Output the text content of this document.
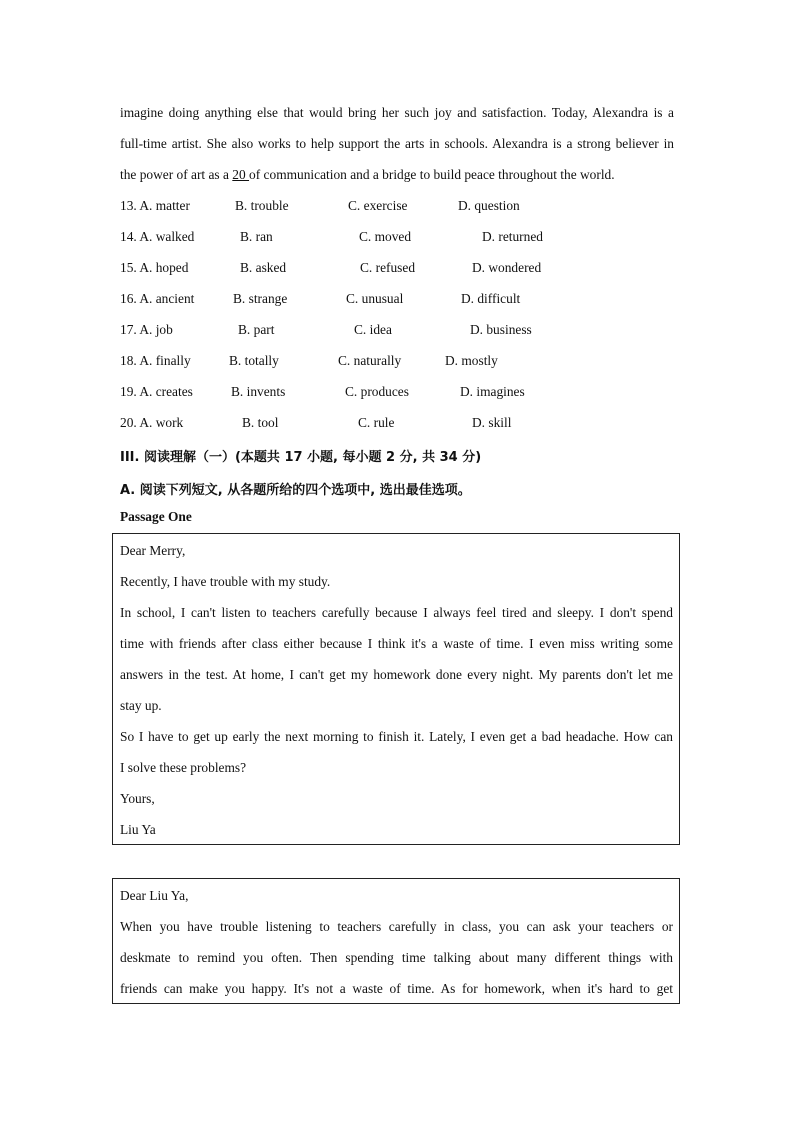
imagine doing anything else that would bring her such joy and satisfaction. Today, Alexandra is a
full-time artist. She also works to help support the arts in schools. Alexandra is a strong believer in
the power of art as a 20 of communication and a bridge to build peace throughout the world.
13. A. matter	B. trouble	C. exercise	D. question
14. A. walked	B. ran	C. moved	D. returned
15. A. hoped	B. asked	C. refused	D. wondered
16. A. ancient	B. strange	C. unusual	D. difficult
17. A. job	B. part	C. idea	D. business
18. A. finally	B. totally	C. naturally	D. mostly
19. A. creates	B. invents	C. produces	D. imagines
20. A. work	B. tool	C. rule	D. skill
III. 阅读理解（一）(本题共 17 小题, 每小题 2 分, 共 34 分)
A. 阅读下列短文, 从各题所给的四个选项中, 选出最佳选项。
Passage One
Dear Merry,
Recently, I have trouble with my study.
In school, I can't listen to teachers carefully because I always feel tired and sleepy. I don't spend
time with friends after class either because I think it's a waste of time. I even miss writing some
answers in the test. At home, I can't get my homework done every night. My parents don't let me
stay up.
So I have to get up early the next morning to finish it. Lately, I even get a bad headache. How can
I solve these problems?
Yours,
Liu Ya
Dear Liu Ya,
When you have trouble listening to teachers carefully in class, you can ask your teachers or
deskmate to remind you often. Then spending time talking about many different things with
friends can make you happy. It's not a waste of time. As for homework, when it's hard to get
